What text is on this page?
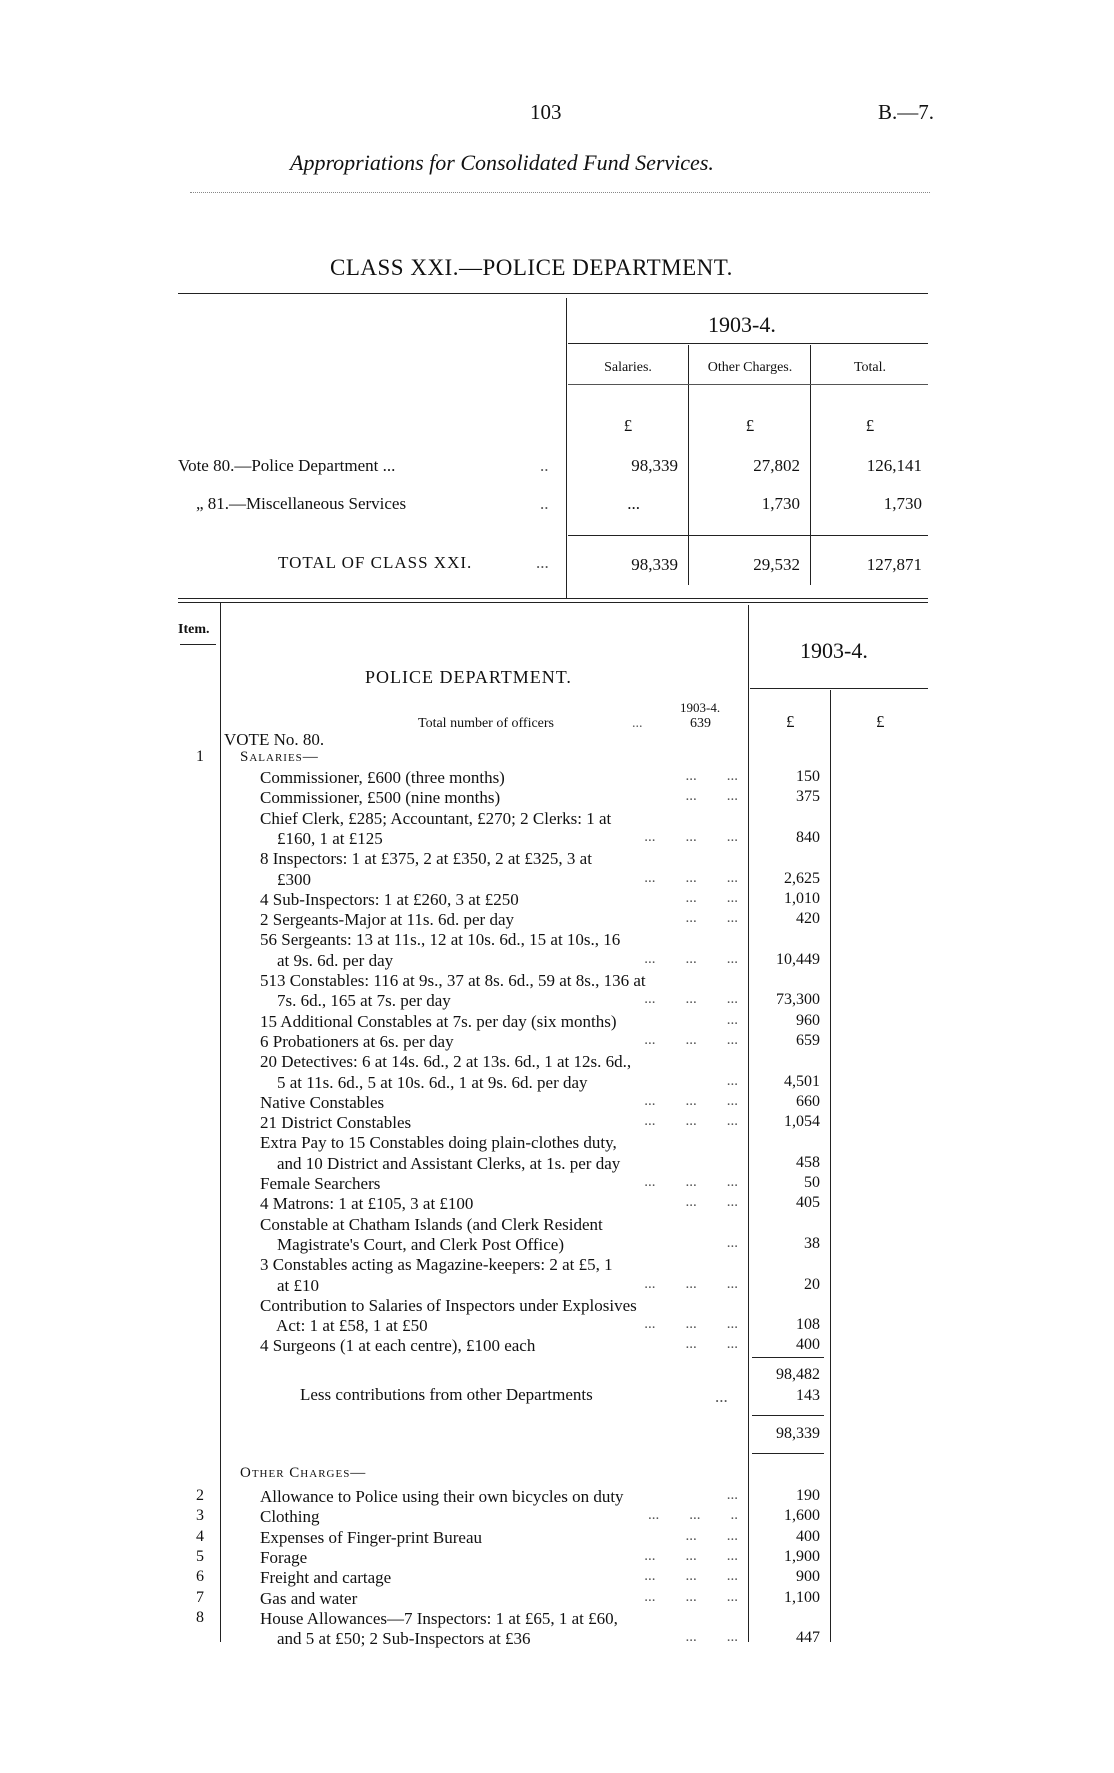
103	B.—7.
Appropriations for Consolidated Fund Services.
CLASS XXI.—POLICE DEPARTMENT.
1903-4.
Salaries.	Other Charges.	Total.
£	£	£
Vote 80.—Police Department ...	..	98,339	27,802	126,141
„ 81.—Miscellaneous Services	..	...	1,730	1,730
TOTAL OF CLASS XXI.	...	98,339	29,532	127,871
Item.
1903-4.
POLICE DEPARTMENT.
Total number of officers	...
1903-4.
639	£	£
VOTE No. 80.
1 Salaries—
Commissioner, £600 (three months)	...        ...	150
Commissioner, £500 (nine months)	...        ...	375
Chief Clerk, £285; Accountant, £270; 2 Clerks: 1 at
£160, 1 at £125	...        ...        ...	840
8 Inspectors: 1 at £375, 2 at £350, 2 at £325, 3 at
£300	...        ...        ...	2,625
4 Sub-Inspectors: 1 at £260, 3 at £250	...        ...	1,010
2 Sergeants-Major at 11s. 6d. per day	...        ...	420
56 Sergeants: 13 at 11s., 12 at 10s. 6d., 15 at 10s., 16
at 9s. 6d. per day	...        ...        ...	10,449
513 Constables: 116 at 9s., 37 at 8s. 6d., 59 at 8s., 136 at
7s. 6d., 165 at 7s. per day	...        ...        ...	73,300
15 Additional Constables at 7s. per day (six months)	...	960
6 Probationers at 6s. per day	...        ...        ...	659
20 Detectives: 6 at 14s. 6d., 2 at 13s. 6d., 1 at 12s. 6d.,
5 at 11s. 6d., 5 at 10s. 6d., 1 at 9s. 6d. per day	...	4,501
Native Constables	...        ...        ...	660
21 District Constables	...        ...        ...	1,054
Extra Pay to 15 Constables doing plain-clothes duty,
and 10 District and Assistant Clerks, at 1s. per day	458
Female Searchers	...        ...        ...	50
4 Matrons: 1 at £105, 3 at £100	...        ...	405
Constable at Chatham Islands (and Clerk Resident
Magistrate's Court, and Clerk Post Office)	...	38
3 Constables acting as Magazine-keepers: 2 at £5, 1
at £10	...        ...        ...	20
Contribution to Salaries of Inspectors under Explosives
Act: 1 at £58, 1 at £50	...        ...        ...	108
4 Surgeons (1 at each centre), £100 each	...        ...	400
98,482
Less contributions from other Departments	...	143
98,339
Other Charges—
2	Allowance to Police using their own bicycles on duty	...	190
3	Clothing	...        ...        ..	1,600
4	Expenses of Finger-print Bureau	...        ...	400
5	Forage	...        ...        ...	1,900
6	Freight and cartage	...        ...        ...	900
7	Gas and water	...        ...        ...	1,100
8	House Allowances—7 Inspectors: 1 at £65, 1 at £60,
and 5 at £50; 2 Sub-Inspectors at £36	...        ...	447
